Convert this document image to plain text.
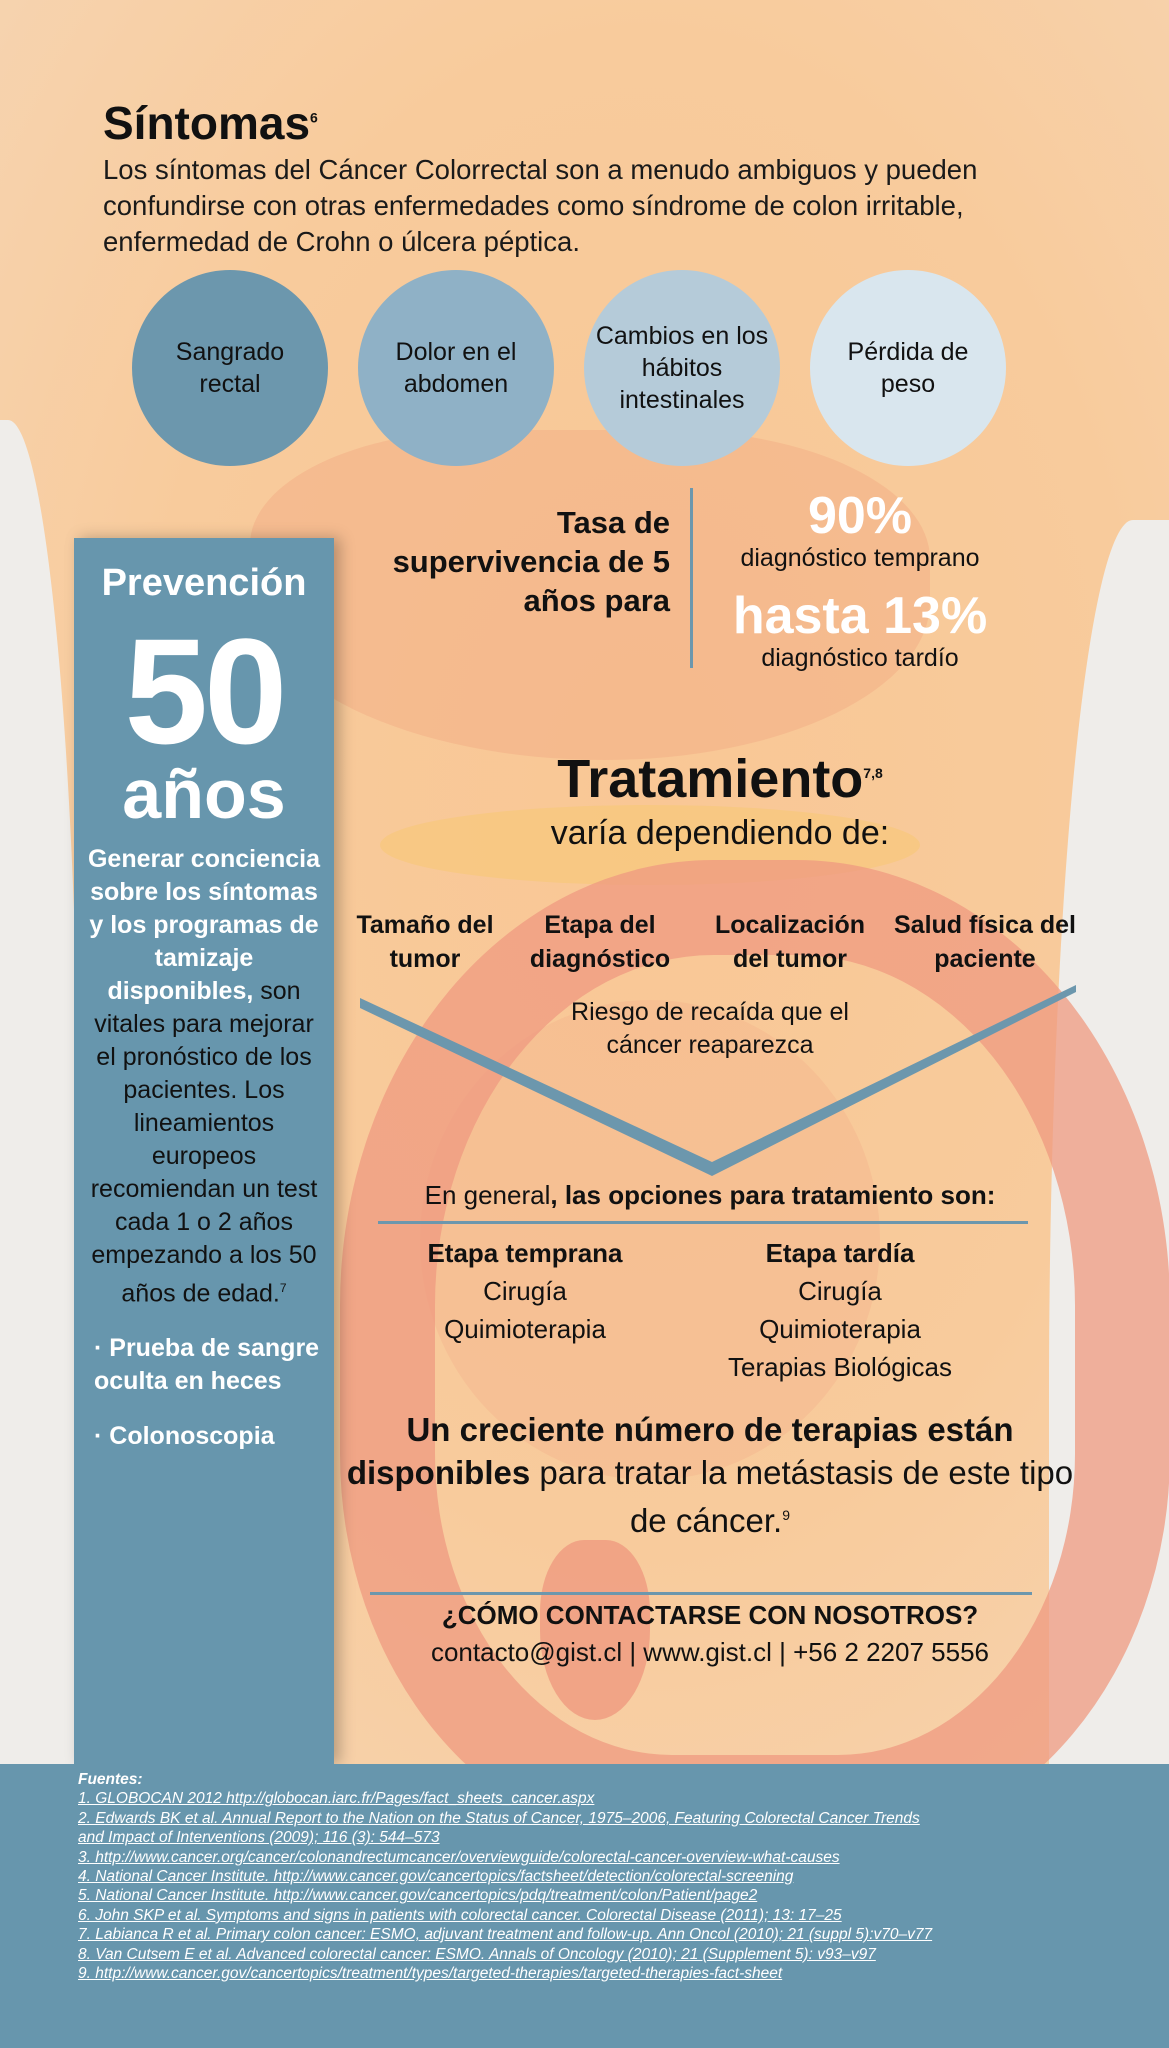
Síntomas$^6$

Los síntomas del Cáncer Colorrectal son a menudo ambiguos y pueden confundirse con otras enfermedades como síndrome de colon irritable, enfermedad de Crohn o úlcera péptica.

Sangrado rectal
Dolor en el abdomen
Cambios en los hábitos intestinales
Pérdida de peso
Tasa de supervivencia de 5 años para
90%
diagnóstico temprano
hasta 13%
diagnóstico tardío
Prevención
50
años
Generar conciencia sobre los síntomas y los programas de tamizaje disponibles, son vitales para mejorar el pronóstico de los pacientes. Los lineamientos europeos recomiendan un test cada 1 o 2 años empezando a los 50 años de edad.$^7$
· Prueba de sangre oculta en heces
· Colonoscopia
Tratamiento$^{7,8}$
varía dependiendo de:
Tamaño del tumor
Etapa del diagnóstico
Localización del tumor
Salud física del paciente
Riesgo de recaída que el cáncer reaparezca
En general, las opciones para tratamiento son:
Etapa temprana
Cirugía
Quimioterapia
Etapa tardía
Cirugía
Quimioterapia
Terapias Biológicas
Un creciente número de terapias están disponibles para tratar la metástasis de este tipo de cáncer.$^9$
¿CÓMO CONTACTARSE CON NOSOTROS?
contacto@gist.cl | www.gist.cl | +56 2 2207 5556
Fuentes:
1. GLOBOCAN 2012 http://globocan.iarc.fr/Pages/fact_sheets_cancer.aspx
2. Edwards BK et al. Annual Report to the Nation on the Status of Cancer, 1975–2006, Featuring Colorectal Cancer Trends
and Impact of Interventions (2009); 116 (3): 544–573
3. http://www.cancer.org/cancer/colonandrectumcancer/overviewguide/colorectal-cancer-overview-what-causes
4. National Cancer Institute. http://www.cancer.gov/cancertopics/factsheet/detection/colorectal-screening
5. National Cancer Institute. http://www.cancer.gov/cancertopics/pdq/treatment/colon/Patient/page2
6. John SKP et al. Symptoms and signs in patients with colorectal cancer. Colorectal Disease (2011); 13: 17–25
7. Labianca R et al. Primary colon cancer: ESMO, adjuvant treatment and follow-up. Ann Oncol (2010); 21 (suppl 5):v70–v77
8. Van Cutsem E et al. Advanced colorectal cancer: ESMO. Annals of Oncology (2010); 21 (Supplement 5): v93–v97
9. http://www.cancer.gov/cancertopics/treatment/types/targeted-therapies/targeted-therapies-fact-sheet
